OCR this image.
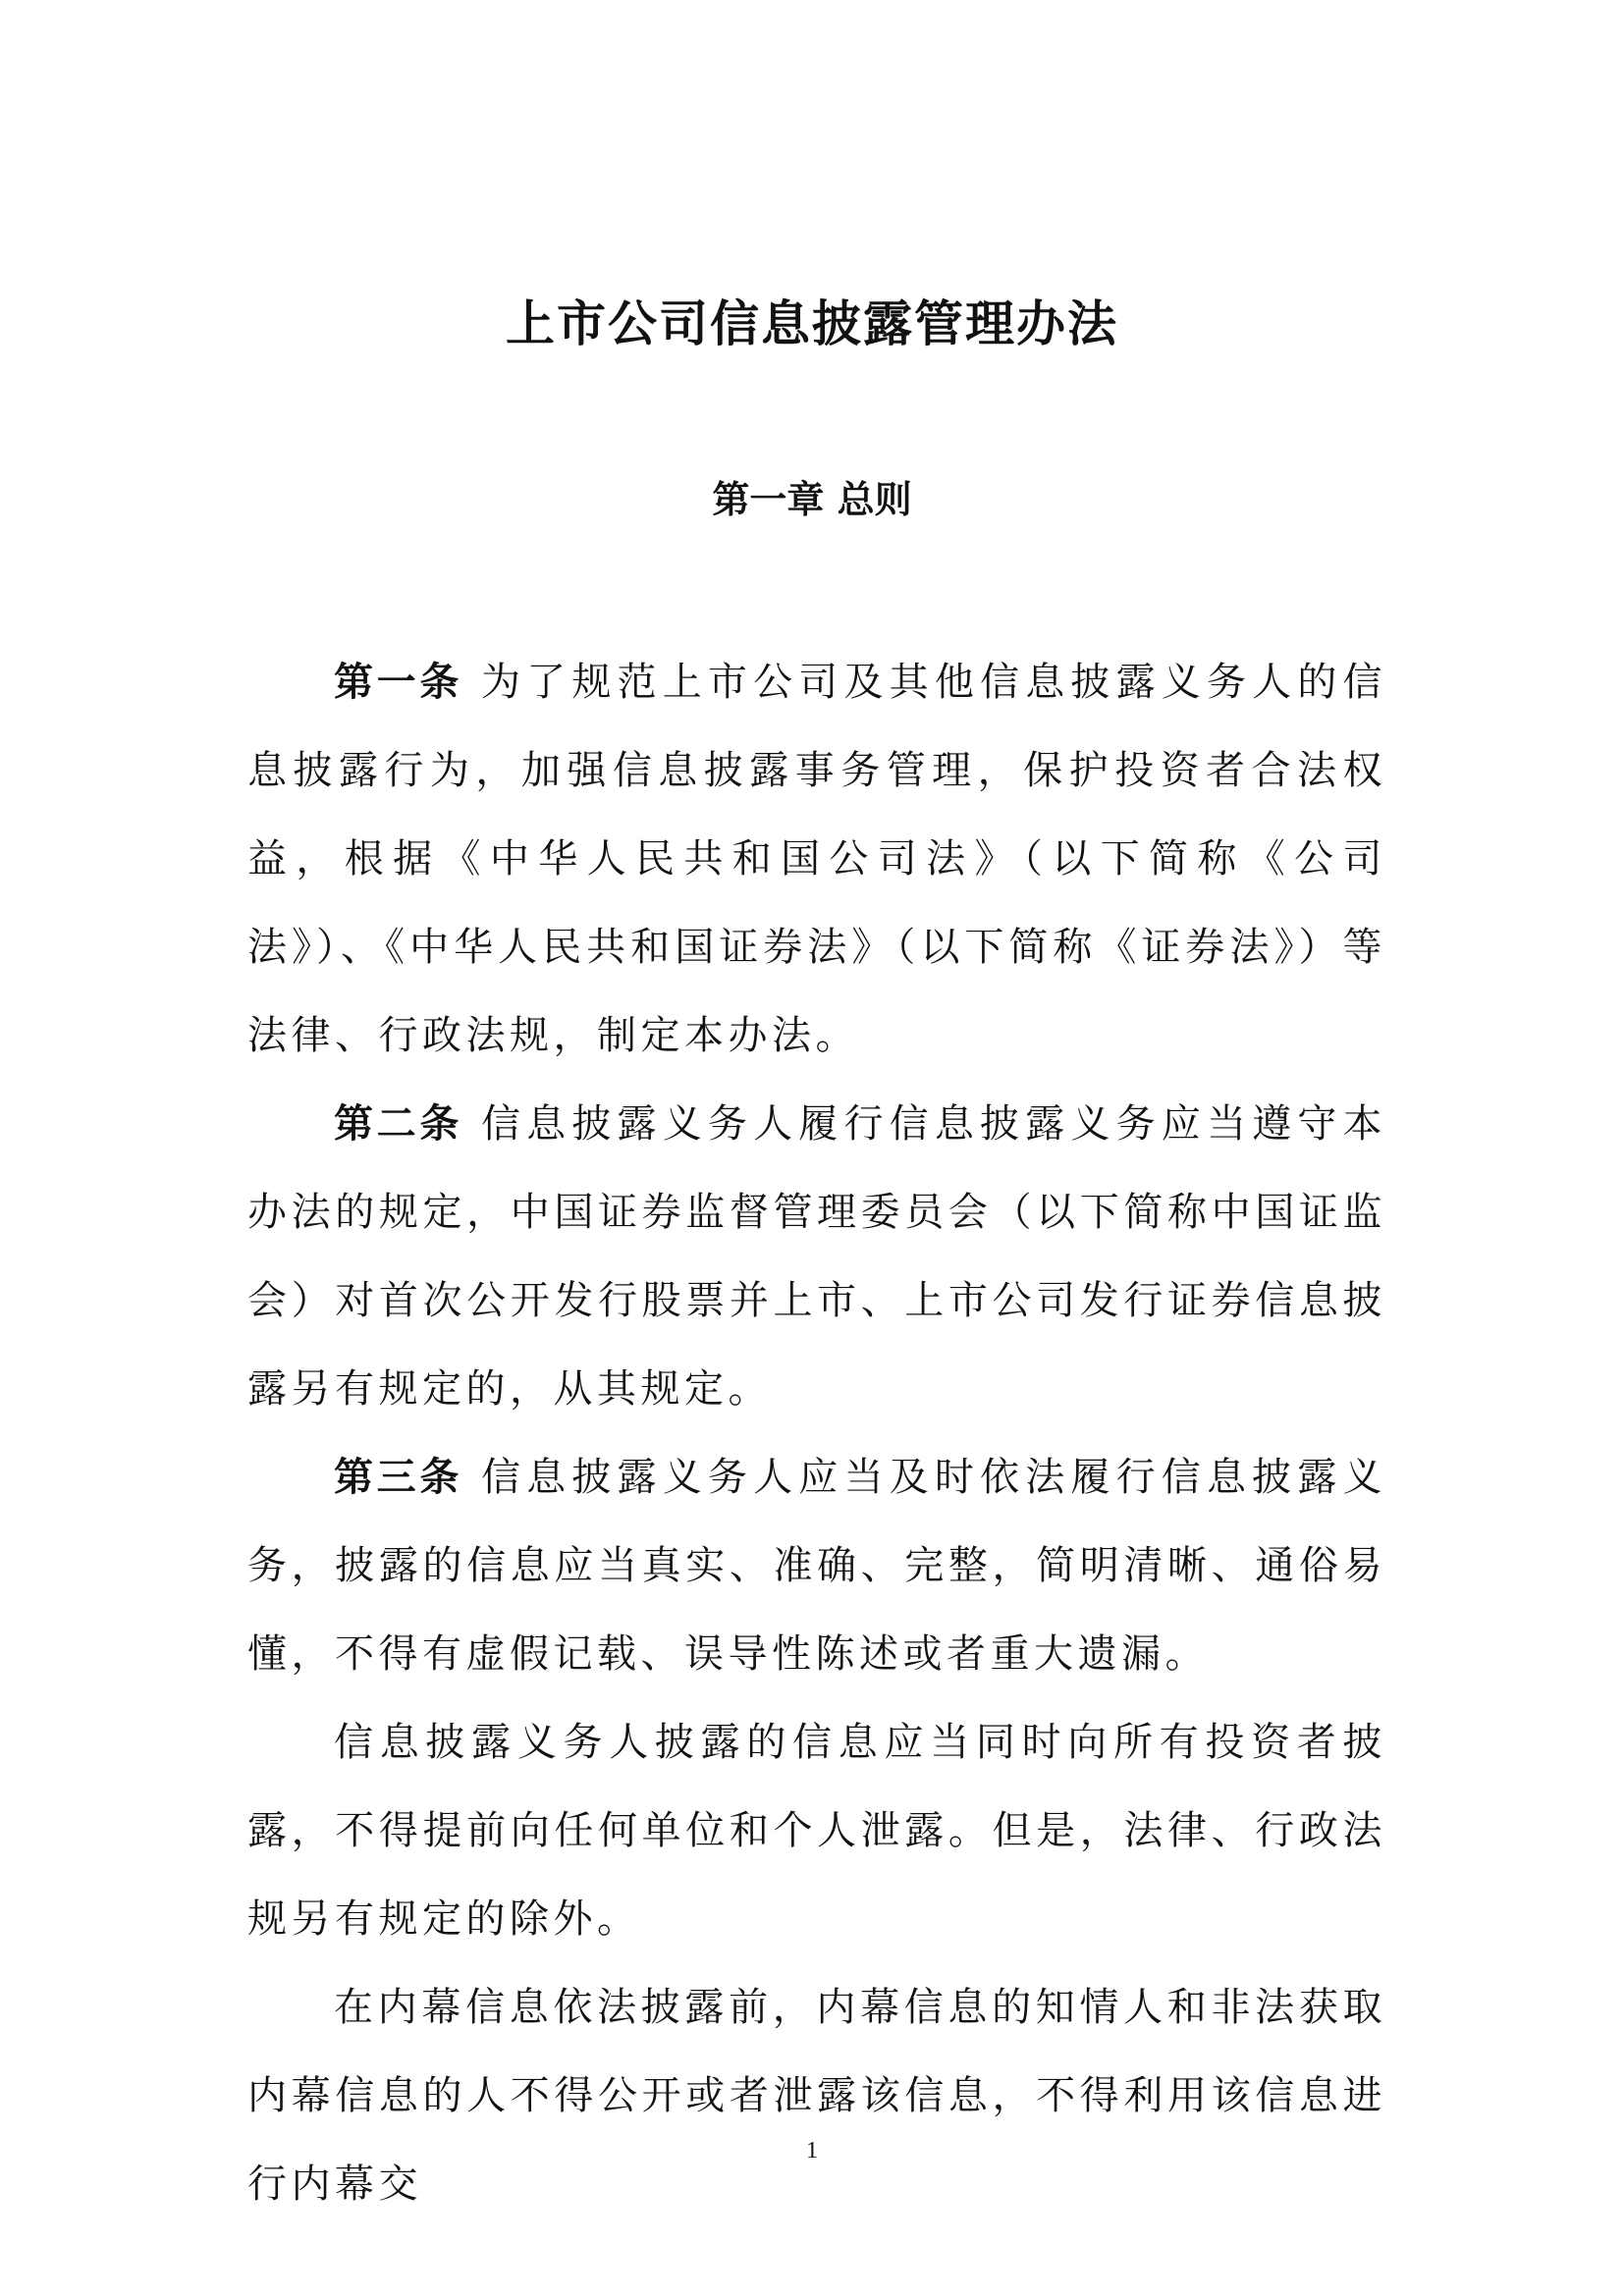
上市公司信息披露管理办法
第一章 总则

第一条 为了规范上市公司及其他信息披露义务人的信息披露行为，加强信息披露事务管理，保护投资者合法权益，根据《中华人民共和国公司法》（以下简称《公司法》）、《中华人民共和国证券法》（以下简称《证券法》）等法律、行政法规，制定本办法。

第二条 信息披露义务人履行信息披露义务应当遵守本办法的规定，中国证券监督管理委员会（以下简称中国证监会）对首次公开发行股票并上市、上市公司发行证券信息披露另有规定的，从其规定。

第三条 信息披露义务人应当及时依法履行信息披露义务，披露的信息应当真实、准确、完整，简明清晰、通俗易懂，不得有虚假记载、误导性陈述或者重大遗漏。

信息披露义务人披露的信息应当同时向所有投资者披露，不得提前向任何单位和个人泄露。但是，法律、行政法规另有规定的除外。

在内幕信息依法披露前，内幕信息的知情人和非法获取内幕信息的人不得公开或者泄露该信息，不得利用该信息进行内幕交

1
